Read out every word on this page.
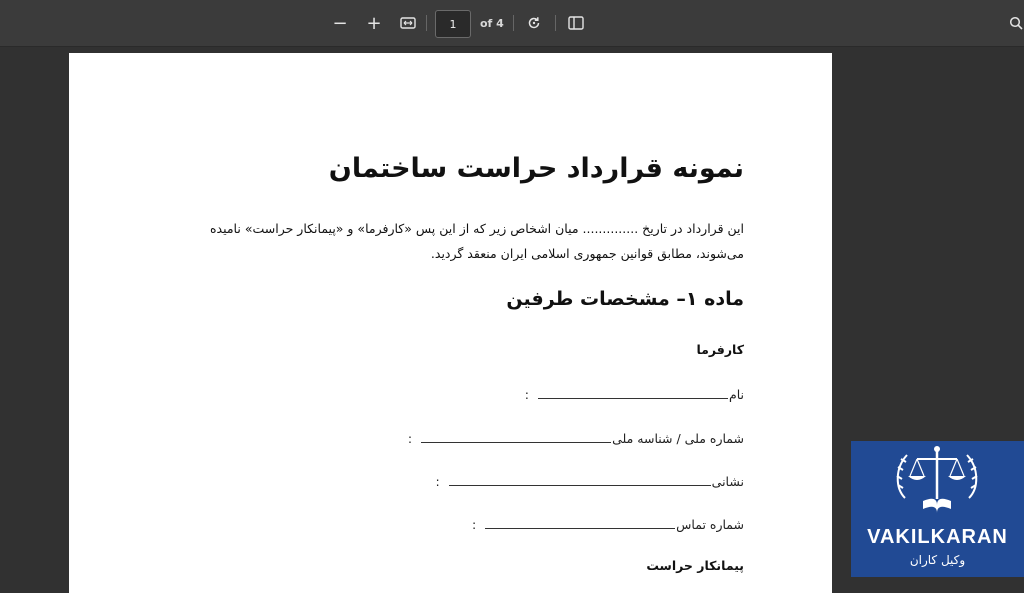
− +
1	of 4
نمونه قرارداد حراست ساختمان
این قرارداد در تاریخ .............. میان اشخاص زیر که از این پس «کارفرما» و «پیمانکار حراست» نامیده می‌شوند، مطابق قوانین جمهوری اسلامی ایران منعقد گردید.
ماده ۱– مشخصات طرفین
کارفرما
نام:
شماره ملی / شناسه ملی:
نشانی:
شماره تماس:
پیمانکار حراست
VAKILKARAN
وکیل کاران
